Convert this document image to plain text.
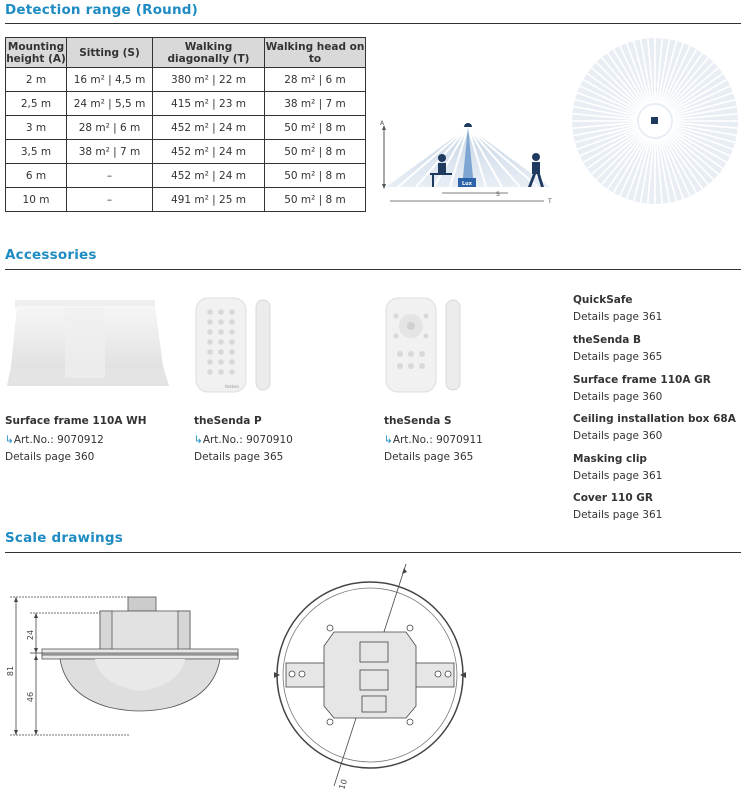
Detection range (Round)
Mounting height (A)	Sitting (S)	Walking diagonally (T)	Walking head on to
2 m	16 m² | 4,5 m	380 m² | 22 m	28 m² | 6 m
2,5 m	24 m² | 5,5 m	415 m² | 23 m	38 m² | 7 m
3 m	28 m² | 6 m	452 m² | 24 m	50 m² | 8 m
3,5 m	38 m² | 7 m	452 m² | 24 m	50 m² | 8 m
6 m	–	452 m² | 24 m	50 m² | 8 m
10 m	–	491 m² | 25 m	50 m² | 8 m
Lux
A
S
T
Accessories
theben
Surface frame 110A WH
↳ Art.No.: 9070912
Details page 360
theSenda P
↳ Art.No.: 9070910
Details page 365
theSenda S
↳ Art.No.: 9070911
Details page 365
QuickSafe
Details page 361
theSenda B
Details page 365
Surface frame 110A GR
Details page 360
Ceiling installation box 68A
Details page 360
Masking clip
Details page 361
Cover 110 GR
Details page 361
Scale drawings
81
24
46
10
